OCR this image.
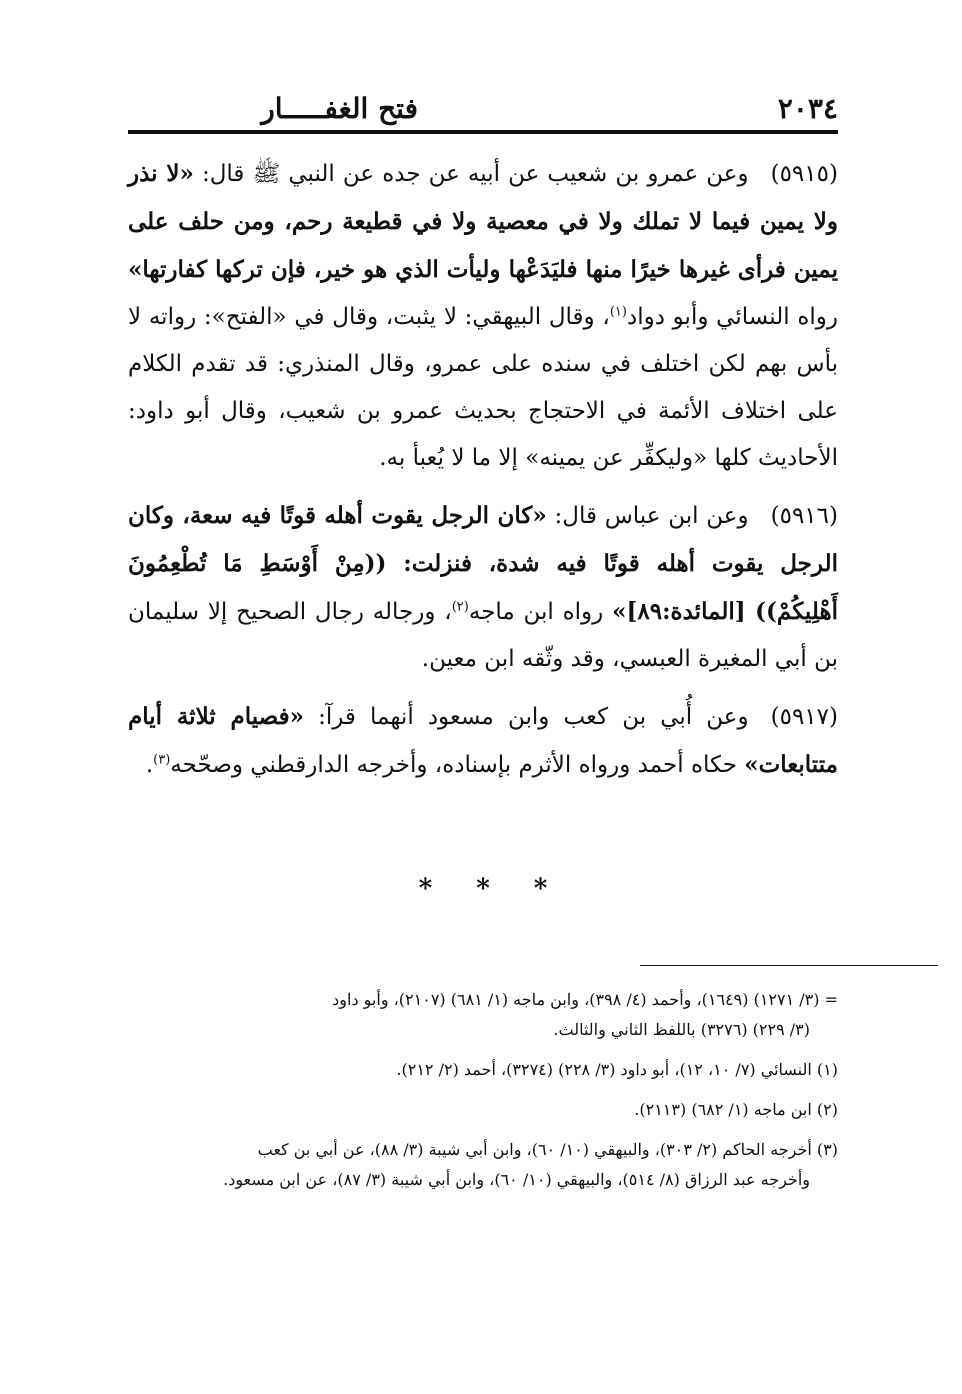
٢٠٣٤
فتح الغفـــــار

(٥٩١٥)وعن عمرو بن شعيب عن أبيه عن جده عن النبي ﷺ قال: «لا نذر ولا يمين فيما لا تملك ولا في معصية ولا في قطيعة رحم، ومن حلف على يمين فرأى غيرها خيرًا منها فليَدَعْها وليأت الذي هو خير، فإن تركها كفارتها» رواه النسائي وأبو دواد$^{(١)}$، وقال البيهقي: لا يثبت، وقال في «الفتح»: رواته لا بأس بهم لكن اختلف في سنده على عمرو، وقال المنذري: قد تقدم الكلام على اختلاف الأئمة في الاحتجاج بحديث عمرو بن شعيب، وقال أبو داود: الأحاديث كلها «وليكفِّر عن يمينه» إلا ما لا يُعبأ به.

(٥٩١٦)وعن ابن عباس قال: «كان الرجل يقوت أهله قوتًا فيه سعة، وكان الرجل يقوت أهله قوتًا فيه شدة، فنزلت: ((مِنْ أَوْسَطِ مَا تُطْعِمُونَ أَهْلِيكُمْ)) [المائدة:٨٩]» رواه ابن ماجه$^{(٢)}$، ورجاله رجال الصحيح إلا سليمان بن أبي المغيرة العبسي، وقد وثّقه ابن معين.

(٥٩١٧)وعن أُبي بن كعب وابن مسعود أنهما قرآ: «فصيام ثلاثة أيام متتابعات» حكاه أحمد ورواه الأثرم بإسناده، وأخرجه الدارقطني وصحّحه$^{(٣)}$.

***

= (٣/ ١٢٧١) (١٦٤٩)، وأحمد (٤/ ٣٩٨)، وابن ماجه (١/ ٦٨١) (٢١٠٧)، وأبو داود
(٣/ ٢٢٩) (٣٢٧٦) باللفظ الثاني والثالث.

(١) النسائي (٧/ ١٠، ١٢)، أبو داود (٣/ ٢٢٨) (٣٢٧٤)، أحمد (٢/ ٢١٢).

(٢) ابن ماجه (١/ ٦٨٢) (٢١١٣).

(٣) أخرجه الحاكم (٢/ ٣٠٣)، والبيهقي (١٠/ ٦٠)، وابن أبي شيبة (٣/ ٨٨)، عن أبي بن كعب
وأخرجه عبد الرزاق (٨/ ٥١٤)، والبيهقي (١٠/ ٦٠)، وابن أبي شيبة (٣/ ٨٧)، عن ابن مسعود.
